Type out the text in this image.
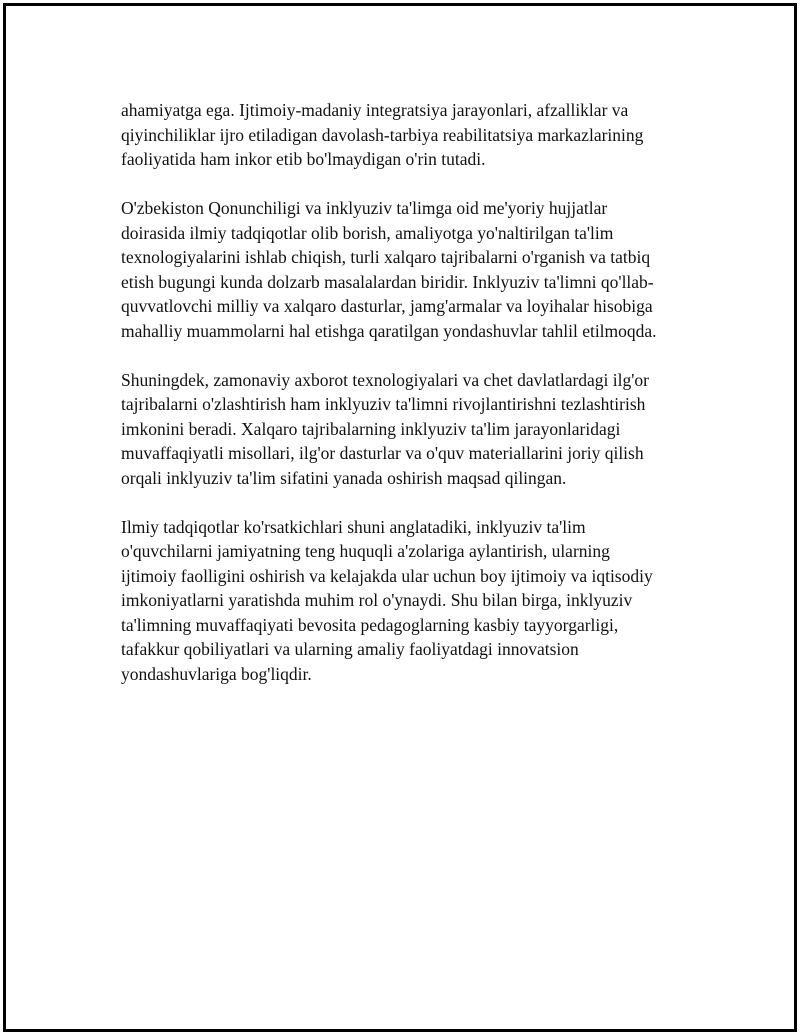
ahamiyatga ega. Ijtimoiy-madaniy integratsiya jarayonlari, afzalliklar va
qiyinchiliklar ijro etiladigan davolash-tarbiya reabilitatsiya markazlarining
faoliyatida ham inkor etib bo'lmaydigan o'rin tutadi.

O'zbekiston Qonunchiligi va inklyuziv ta'limga oid me'yoriy hujjatlar
doirasida ilmiy tadqiqotlar olib borish, amaliyotga yo'naltirilgan ta'lim
texnologiyalarini ishlab chiqish, turli xalqaro tajribalarni o'rganish va tatbiq
etish bugungi kunda dolzarb masalalardan biridir. Inklyuziv ta'limni qo'llab-
quvvatlovchi milliy va xalqaro dasturlar, jamg'armalar va loyihalar hisobiga
mahalliy muammolarni hal etishga qaratilgan yondashuvlar tahlil etilmoqda.

Shuningdek, zamonaviy axborot texnologiyalari va chet davlatlardagi ilg'or
tajribalarni o'zlashtirish ham inklyuziv ta'limni rivojlantirishni tezlashtirish
imkonini beradi. Xalqaro tajribalarning inklyuziv ta'lim jarayonlaridagi
muvaffaqiyatli misollari, ilg'or dasturlar va o'quv materiallarini joriy qilish
orqali inklyuziv ta'lim sifatini yanada oshirish maqsad qilingan.

Ilmiy tadqiqotlar ko'rsatkichlari shuni anglatadiki, inklyuziv ta'lim
o'quvchilarni jamiyatning teng huquqli a'zolariga aylantirish, ularning
ijtimoiy faolligini oshirish va kelajakda ular uchun boy ijtimoiy va iqtisodiy
imkoniyatlarni yaratishda muhim rol o'ynaydi. Shu bilan birga, inklyuziv
ta'limning muvaffaqiyati bevosita pedagoglarning kasbiy tayyorgarligi,
tafakkur qobiliyatlari va ularning amaliy faoliyatdagi innovatsion
yondashuvlariga bog'liqdir.
